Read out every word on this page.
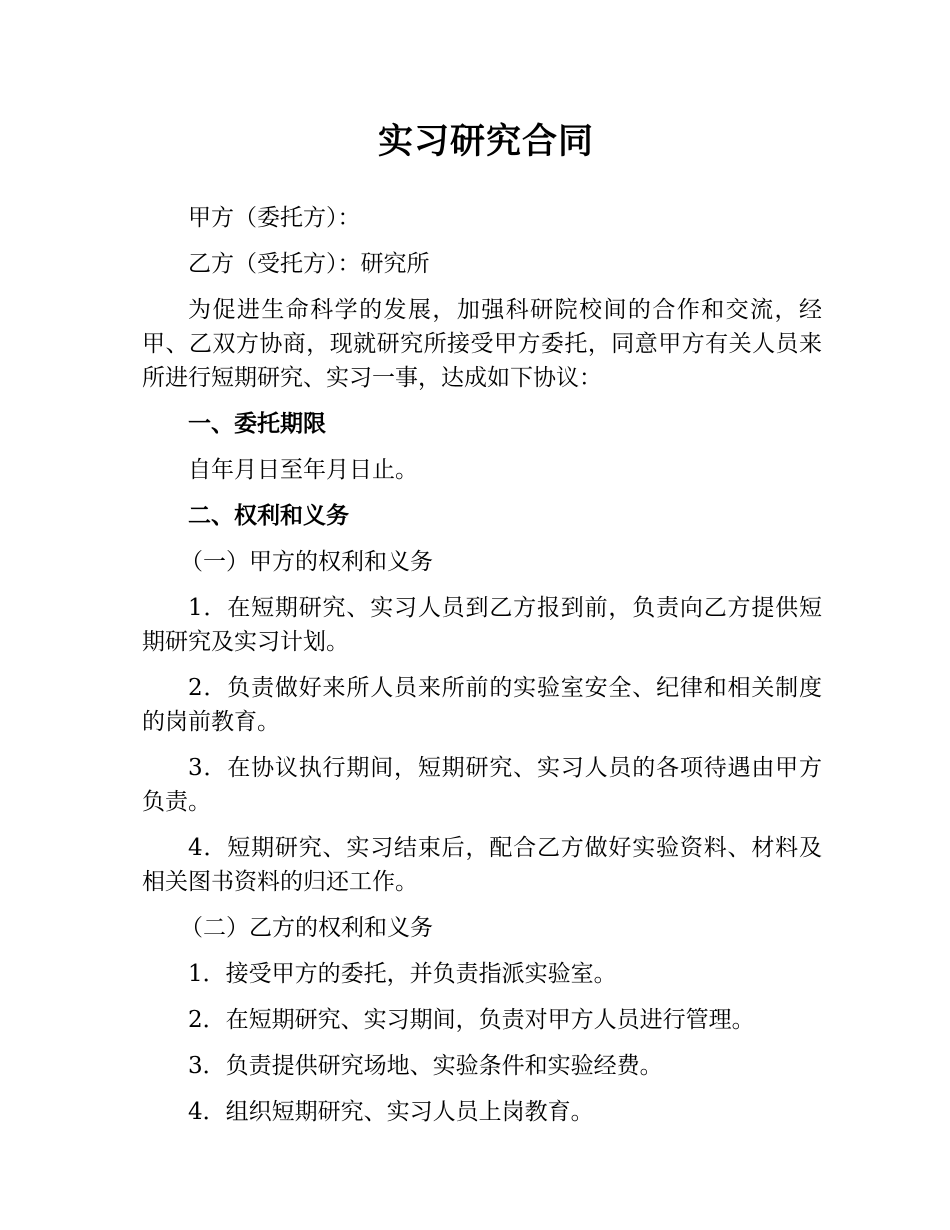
实习研究合同

甲方（委托方）：

乙方（受托方）：研究所

为促进生命科学的发展，加强科研院校间的合作和交流，经甲、乙双方协商，现就研究所接受甲方委托，同意甲方有关人员来所进行短期研究、实习一事，达成如下协议：

一、委托期限

自年月日至年月日止。

二、权利和义务

（一）甲方的权利和义务

1．在短期研究、实习人员到乙方报到前，负责向乙方提供短期研究及实习计划。

2．负责做好来所人员来所前的实验室安全、纪律和相关制度的岗前教育。

3．在协议执行期间，短期研究、实习人员的各项待遇由甲方负责。

4．短期研究、实习结束后，配合乙方做好实验资料、材料及相关图书资料的归还工作。

（二）乙方的权利和义务

1．接受甲方的委托，并负责指派实验室。

2．在短期研究、实习期间，负责对甲方人员进行管理。

3．负责提供研究场地、实验条件和实验经费。

4．组织短期研究、实习人员上岗教育。
